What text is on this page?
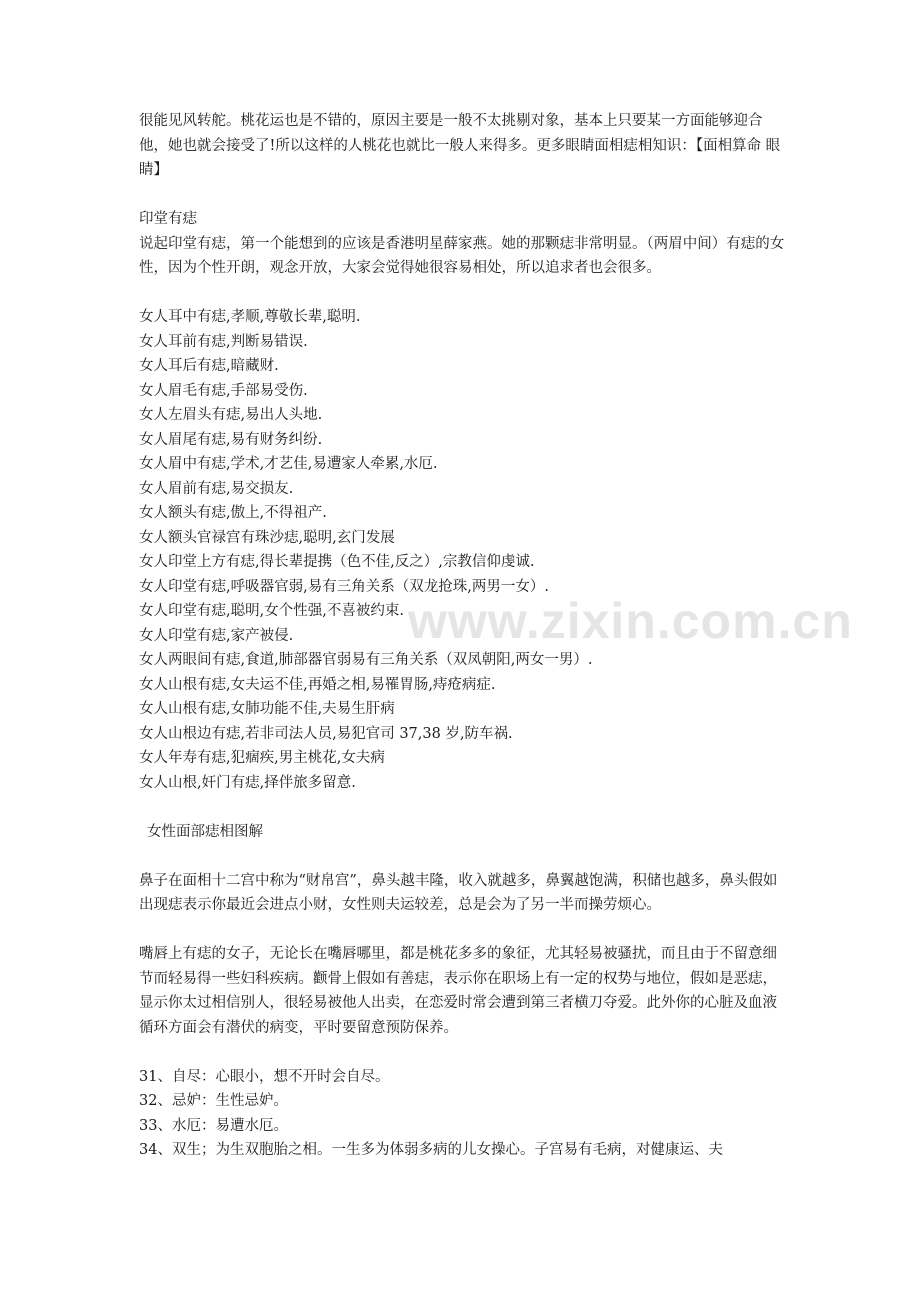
www.zixin.com.cn

很能见风转舵。桃花运也是不错的，原因主要是一般不太挑剔对象，基本上只要某一方面能够迎合他，她也就会接受了!所以这样的人桃花也就比一般人来得多。更多眼睛面相痣相知识：【面相算命 眼睛】

印堂有痣

说起印堂有痣，第一个能想到的应该是香港明星薛家燕。她的那颗痣非常明显。（两眉中间）有痣的女性，因为个性开朗，观念开放，大家会觉得她很容易相处，所以追求者也会很多。

女人耳中有痣,孝顺,尊敬长辈,聪明.

女人耳前有痣,判断易错误.

女人耳后有痣,暗藏财.

女人眉毛有痣,手部易受伤.

女人左眉头有痣,易出人头地.

女人眉尾有痣,易有财务纠纷.

女人眉中有痣,学术,才艺佳,易遭家人牵累,水厄.

女人眉前有痣,易交损友.

女人额头有痣,傲上,不得祖产.

女人额头官禄宫有珠沙痣,聪明,玄门发展

女人印堂上方有痣,得长辈提携（色不佳,反之）,宗教信仰虔诚.

女人印堂有痣,呼吸器官弱,易有三角关系（双龙抢珠,两男一女）.

女人印堂有痣,聪明,女个性强,不喜被约束.

女人印堂有痣,家产被侵.

女人两眼间有痣,食道,肺部器官弱易有三角关系（双凤朝阳,两女一男）.

女人山根有痣,女夫运不佳,再婚之相,易罹胃肠,痔疮病症.

女人山根有痣,女肺功能不佳,夫易生肝病

女人山根边有痣,若非司法人员,易犯官司 37,38 岁,防车祸.

女人年寿有痣,犯痼疾,男主桃花,女夫病

女人山根,奸门有痣,择伴旅多留意.

女性面部痣相图解

鼻子在面相十二宫中称为“财帛宫”，鼻头越丰隆，收入就越多，鼻翼越饱满，积储也越多，鼻头假如出现痣表示你最近会进点小财，女性则夫运较差，总是会为了另一半而操劳烦心。

嘴唇上有痣的女子，无论长在嘴唇哪里，都是桃花多多的象征，尤其轻易被骚扰，而且由于不留意细节而轻易得一些妇科疾病。颧骨上假如有善痣，表示你在职场上有一定的权势与地位，假如是恶痣，显示你太过相信别人，很轻易被他人出卖，在恋爱时常会遭到第三者横刀夺爱。此外你的心脏及血液循环方面会有潜伏的病变，平时要留意预防保养。

31、自尽：心眼小，想不开时会自尽。

32、忌妒：生性忌妒。

33、水厄：易遭水厄。

34、双生；为生双胞胎之相。一生多为体弱多病的儿女操心。子宫易有毛病，对健康运、夫
